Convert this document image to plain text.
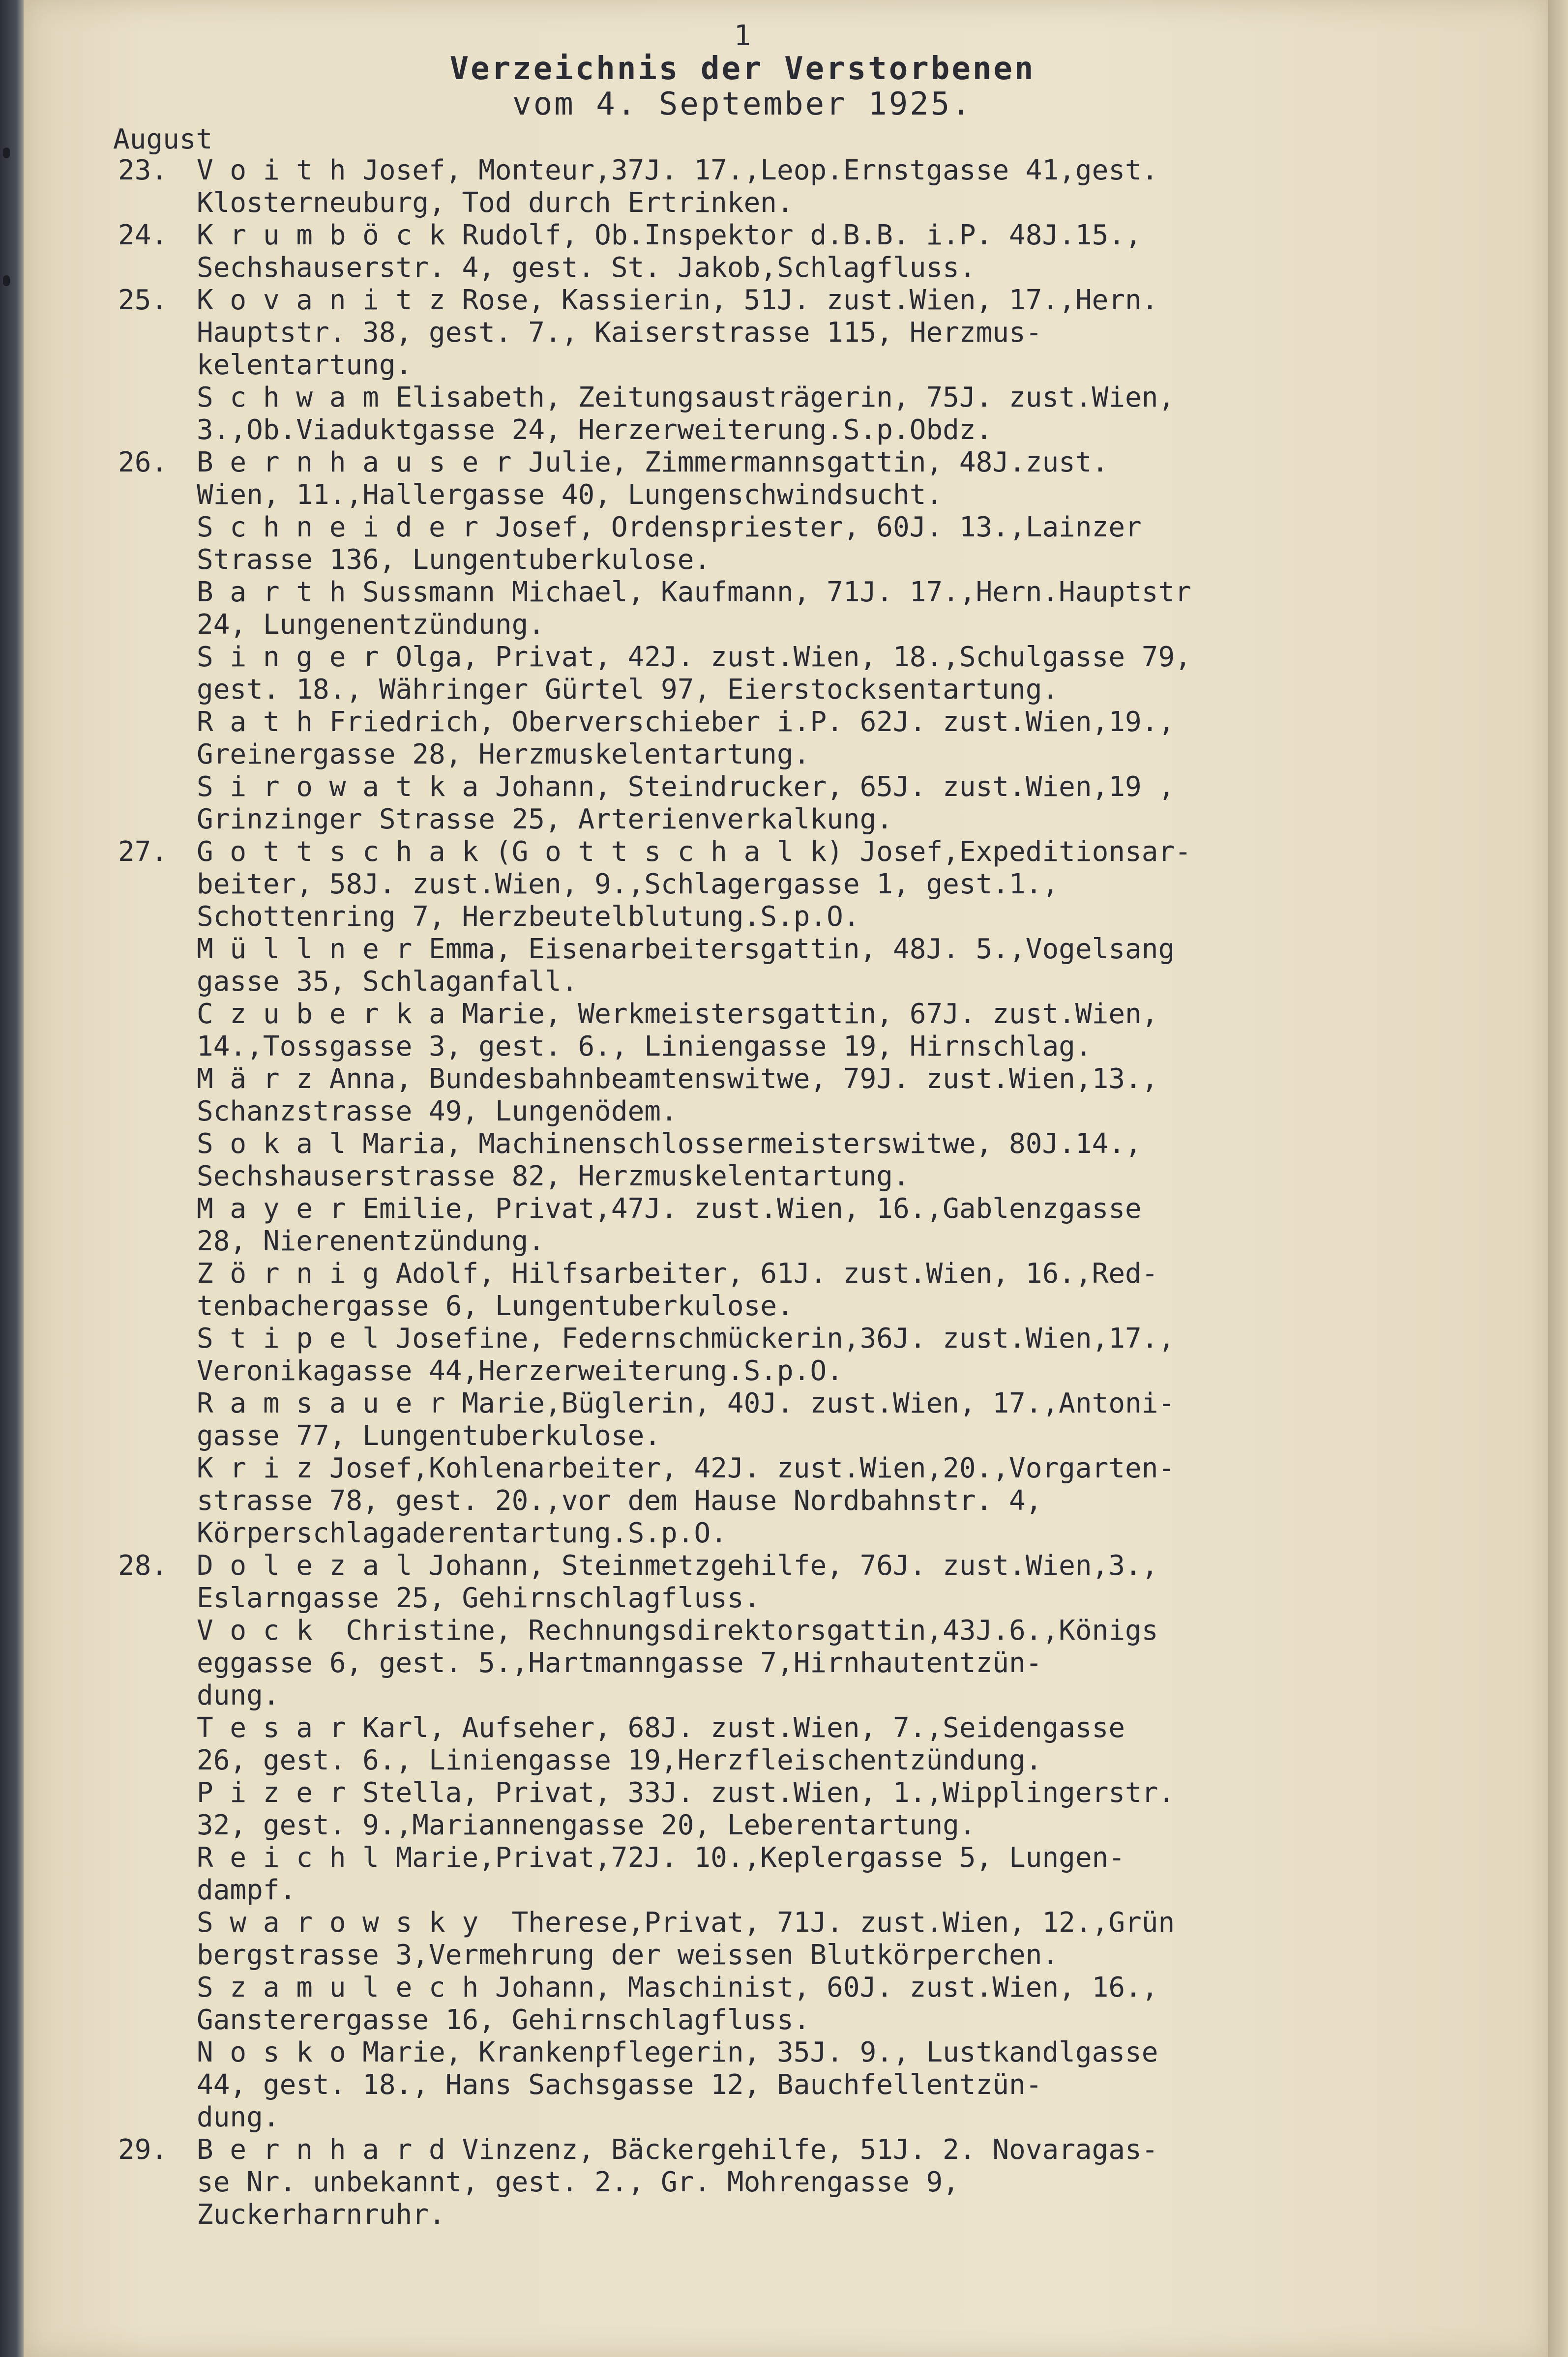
1
Verzeichnis der Verstorbenen
vom 4. September 1925.
August
23.	V o i t h Josef, Monteur,37J. 17.,Leop.Ernstgasse 41,gest.
Klosterneuburg, Tod durch Ertrinken.
24.	K r u m b ö c k Rudolf, Ob.Inspektor d.B.B. i.P. 48J.15.,
Sechshauserstr. 4, gest. St. Jakob,Schlagfluss.
25.	K o v a n i t z Rose, Kassierin, 51J. zust.Wien, 17.,Hern.
Hauptstr. 38, gest. 7., Kaiserstrasse 115, Herzmus-
kelentartung.
S c h w a m Elisabeth, Zeitungsausträgerin, 75J. zust.Wien,
3.,Ob.Viaduktgasse 24, Herzerweiterung.S.p.Obdz.
26.	B e r n h a u s e r Julie, Zimmermannsgattin, 48J.zust.
Wien, 11.,Hallergasse 40, Lungenschwindsucht.
S c h n e i d e r Josef, Ordenspriester, 60J. 13.,Lainzer
Strasse 136, Lungentuberkulose.
B a r t h Sussmann Michael, Kaufmann, 71J. 17.,Hern.Hauptstr
24, Lungenentzündung.
S i n g e r Olga, Privat, 42J. zust.Wien, 18.,Schulgasse 79,
gest. 18., Währinger Gürtel 97, Eierstocksentartung.
R a t h Friedrich, Oberverschieber i.P. 62J. zust.Wien,19.,
Greinergasse 28, Herzmuskelentartung.
S i r o w a t k a Johann, Steindrucker, 65J. zust.Wien,19 ,
Grinzinger Strasse 25, Arterienverkalkung.
27.	G o t t s c h a k (G o t t s c h a l k) Josef,Expeditionsar-
beiter, 58J. zust.Wien, 9.,Schlagergasse 1, gest.1.,
Schottenring 7, Herzbeutelblutung.S.p.O.
M ü l l n e r Emma, Eisenarbeitersgattin, 48J. 5.,Vogelsang
gasse 35, Schlaganfall.
C z u b e r k a Marie, Werkmeistersgattin, 67J. zust.Wien,
14.,Tossgasse 3, gest. 6., Liniengasse 19, Hirnschlag.
M ä r z Anna, Bundesbahnbeamtenswitwe, 79J. zust.Wien,13.,
Schanzstrasse 49, Lungenödem.
S o k a l Maria, Machinenschlossermeisterswitwe, 80J.14.,
Sechshauserstrasse 82, Herzmuskelentartung.
M a y e r Emilie, Privat,47J. zust.Wien, 16.,Gablenzgasse
28, Nierenentzündung.
Z ö r n i g Adolf, Hilfsarbeiter, 61J. zust.Wien, 16.,Red-
tenbachergasse 6, Lungentuberkulose.
S t i p e l Josefine, Federnschmückerin,36J. zust.Wien,17.,
Veronikagasse 44,Herzerweiterung.S.p.O.
R a m s a u e r Marie,Büglerin, 40J. zust.Wien, 17.,Antoni-
gasse 77, Lungentuberkulose.
K r i z Josef,Kohlenarbeiter, 42J. zust.Wien,20.,Vorgarten-
strasse 78, gest. 20.,vor dem Hause Nordbahnstr. 4,
Körperschlagaderentartung.S.p.O.
28.	D o l e z a l Johann, Steinmetzgehilfe, 76J. zust.Wien,3.,
Eslarngasse 25, Gehirnschlagfluss.
V o c k  Christine, Rechnungsdirektorsgattin,43J.6.,Königs
eggasse 6, gest. 5.,Hartmanngasse 7,Hirnhautentzün-
dung.
T e s a r Karl, Aufseher, 68J. zust.Wien, 7.,Seidengasse
26, gest. 6., Liniengasse 19,Herzfleischentzündung.
P i z e r Stella, Privat, 33J. zust.Wien, 1.,Wipplingerstr.
32, gest. 9.,Mariannengasse 20, Leberentartung.
R e i c h l Marie,Privat,72J. 10.,Keplergasse 5, Lungen-
dampf.
S w a r o w s k y  Therese,Privat, 71J. zust.Wien, 12.,Grün
bergstrasse 3,Vermehrung der weissen Blutkörperchen.
S z a m u l e c h Johann, Maschinist, 60J. zust.Wien, 16.,
Gansterergasse 16, Gehirnschlagfluss.
N o s k o Marie, Krankenpflegerin, 35J. 9., Lustkandlgasse
44, gest. 18., Hans Sachsgasse 12, Bauchfellentzün-
dung.
29.	B e r n h a r d Vinzenz, Bäckergehilfe, 51J. 2. Novaragas-
se Nr. unbekannt, gest. 2., Gr. Mohrengasse 9,
Zuckerharnruhr.
